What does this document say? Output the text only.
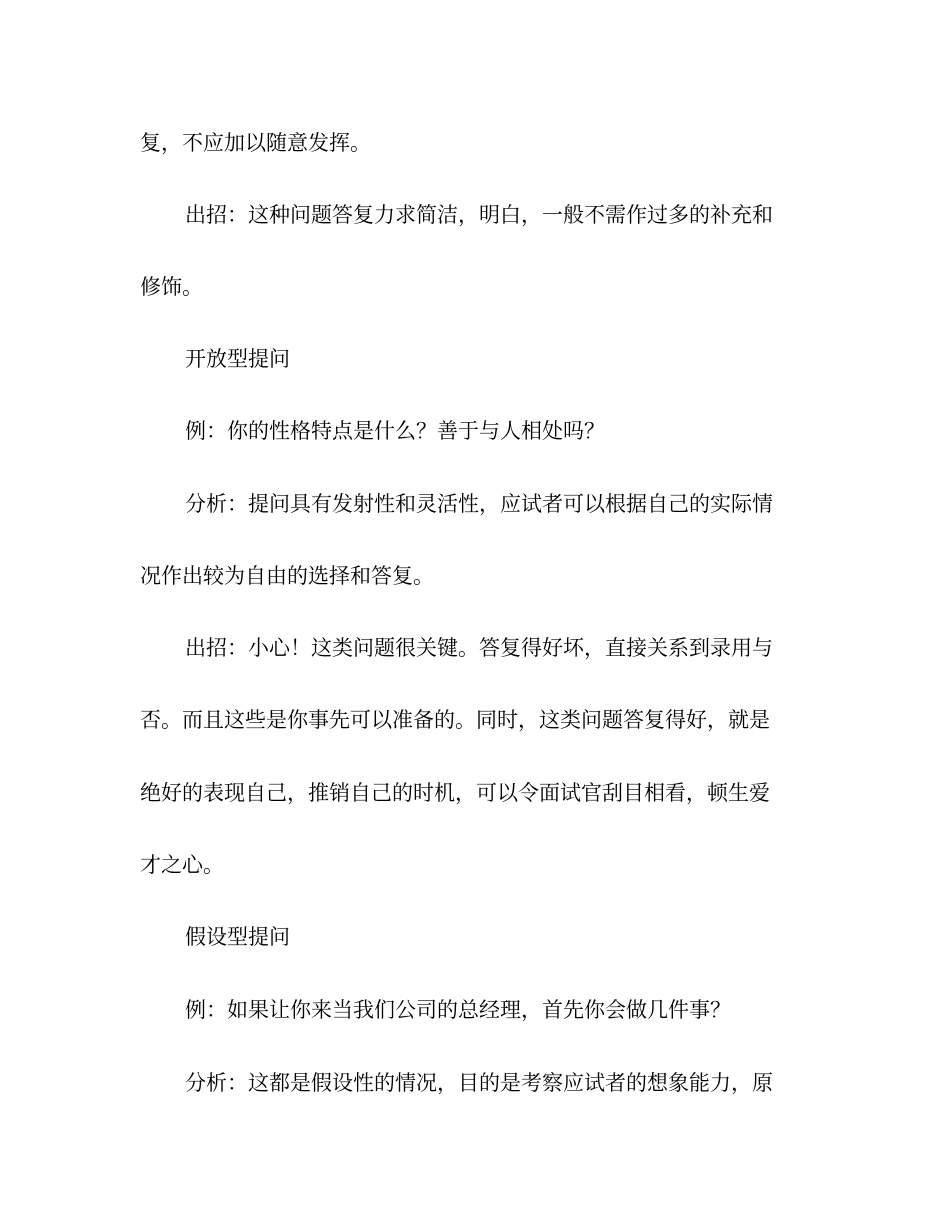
复，不应加以随意发挥。
出招：这种问题答复力求简洁，明白，一般不需作过多的补充和
修饰。
开放型提问
例：你的性格特点是什么？善于与人相处吗？
分析：提问具有发射性和灵活性，应试者可以根据自己的实际情
况作出较为自由的选择和答复。
出招：小心！这类问题很关键。答复得好坏，直接关系到录用与
否。而且这些是你事先可以准备的。同时，这类问题答复得好，就是
绝好的表现自己，推销自己的时机，可以令面试官刮目相看，顿生爱
才之心。
假设型提问
例：如果让你来当我们公司的总经理，首先你会做几件事？
分析：这都是假设性的情况，目的是考察应试者的想象能力，原
